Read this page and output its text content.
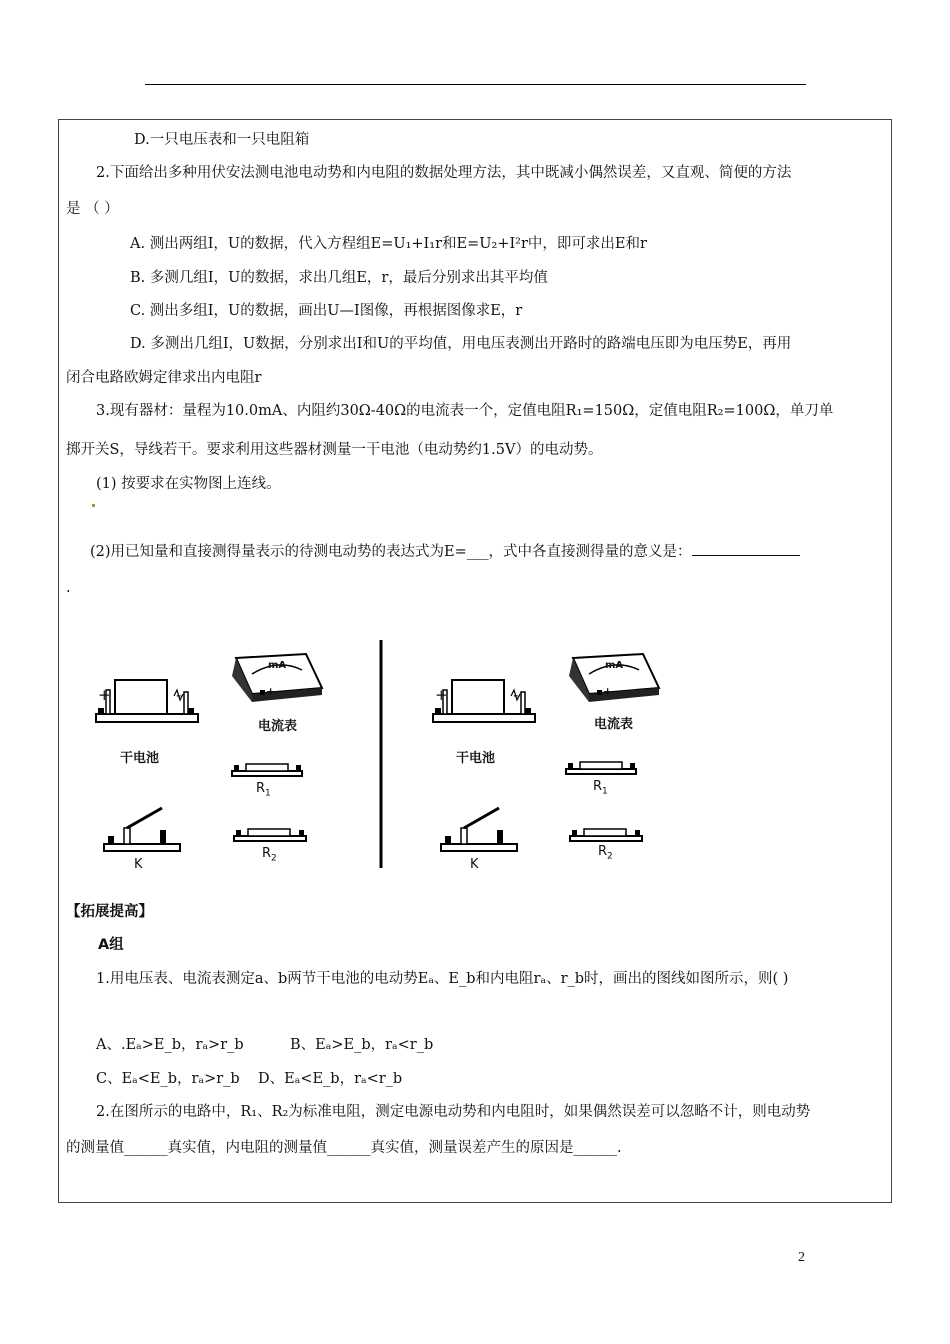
D.一只电压表和一只电阻箱
2.下面给出多种用伏安法测电池电动势和内电阻的数据处理方法，其中既减小偶然误差，又直观、简便的方法
是 （ ）
A. 测出两组I，U的数据，代入方程组E=U₁+I₁r和E=U₂+I²r中，即可求出E和r
B. 多测几组I，U的数据，求出几组E，r，最后分别求出其平均值
C. 测出多组I，U的数据，画出U—I图像，再根据图像求E，r
D. 多测出几组I，U数据，分别求出I和U的平均值，用电压表测出开路时的路端电压即为电压势E，再用
闭合电路欧姆定律求出内电阻r
3.现有器材：量程为10.0mA、内阻约30Ω-40Ω的电流表一个，定值电阻R₁=150Ω，定值电阻R₂=100Ω，单刀单
掷开关S，导线若干。要求利用这些器材测量一干电池（电动势约1.5V）的电动势。
(1) 按要求在实物图上连线。
(2)用已知量和直接测得量表示的待测电动势的表达式为E=___，式中各直接测得量的意义是：
.
mA
+
电流表
+	-
干电池
$R_1$
K
$R_2$
mA
+
电流表
+	-
干电池
$R_1$
K
$R_2$
【拓展提高】
A组
1.用电压表、电流表测定a、b两节干电池的电动势Eₐ、E_b和内电阻rₐ、r_b时，画出的图线如图所示，则( )
A、.Eₐ>E_b，rₐ>r_b	B、Eₐ>E_b，rₐ<r_b
C、Eₐ<E_b，rₐ>r_b D、Eₐ<E_b，rₐ<r_b
2.在图所示的电路中，R₁、R₂为标准电阻，测定电源电动势和内电阻时，如果偶然误差可以忽略不计，则电动势
的测量值______真实值，内电阻的测量值______真实值，测量误差产生的原因是______.
2
